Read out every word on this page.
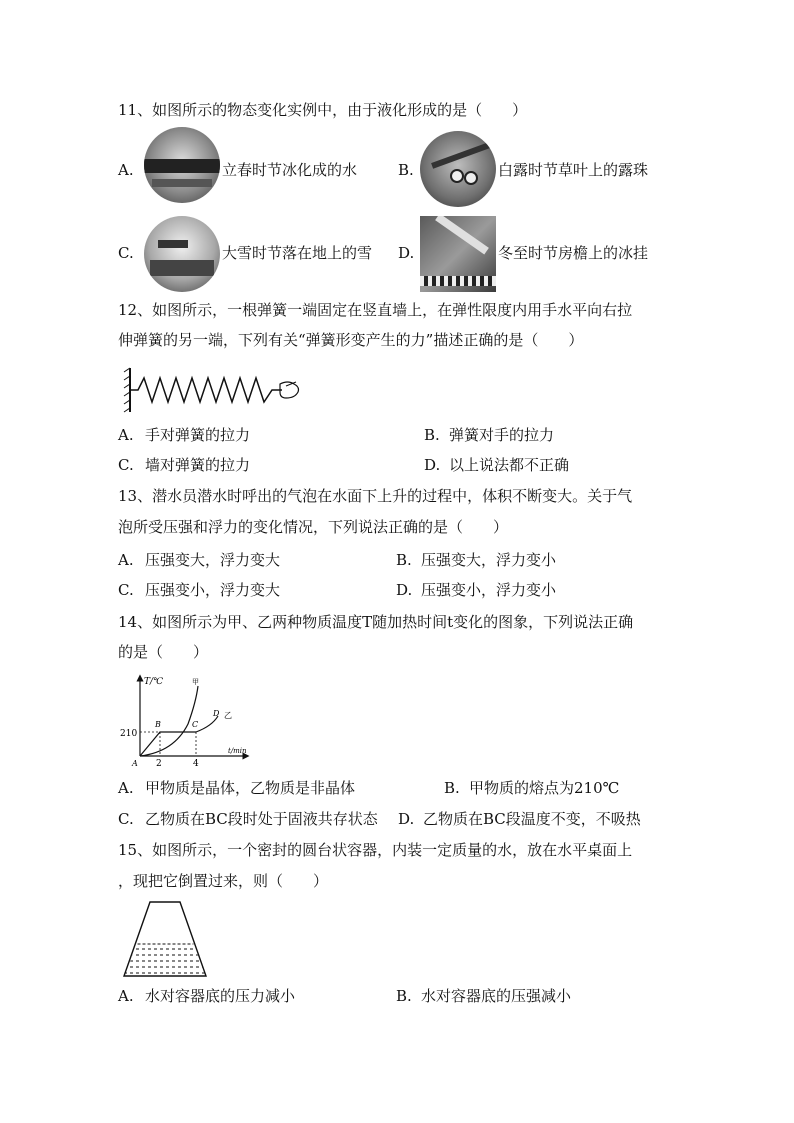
11、如图所示的物态变化实例中，由于液化形成的是（　　）
A.	立春时节冰化成的水	B.	白露时节草叶上的露珠
C.	大雪时节落在地上的雪 D.	冬至时节房檐上的冰挂
12、如图所示，一根弹簧一端固定在竖直墙上，在弹性限度内用手水平向右拉
伸弹簧的另一端，下列有关“弹簧形变产生的力”描述正确的是（　　）
A. 手对弹簧的拉力	B. 弹簧对手的拉力
C. 墙对弹簧的拉力	D. 以上说法都不正确
13、潜水员潜水时呼出的气泡在水面下上升的过程中，体积不断变大。关于气
泡所受压强和浮力的变化情况，下列说法正确的是（　　）
A. 压强变大，浮力变大	B. 压强变大，浮力变小
C. 压强变小，浮力变大	D. 压强变小，浮力变小
14、如图所示为甲、乙两种物质温度T随加热时间t变化的图象，下列说法正确
的是（　　）
T/℃
t/min
210
2	4
A
B	C
D
甲
乙
A. 甲物质是晶体，乙物质是非晶体	B. 甲物质的熔点为210℃
C. 乙物质在BC段时处于固液共存状态 D. 乙物质在BC段温度不变，不吸热
15、如图所示，一个密封的圆台状容器，内装一定质量的水，放在水平桌面上
，现把它倒置过来，则（　　）
A. 水对容器底的压力减小	B. 水对容器底的压强减小
